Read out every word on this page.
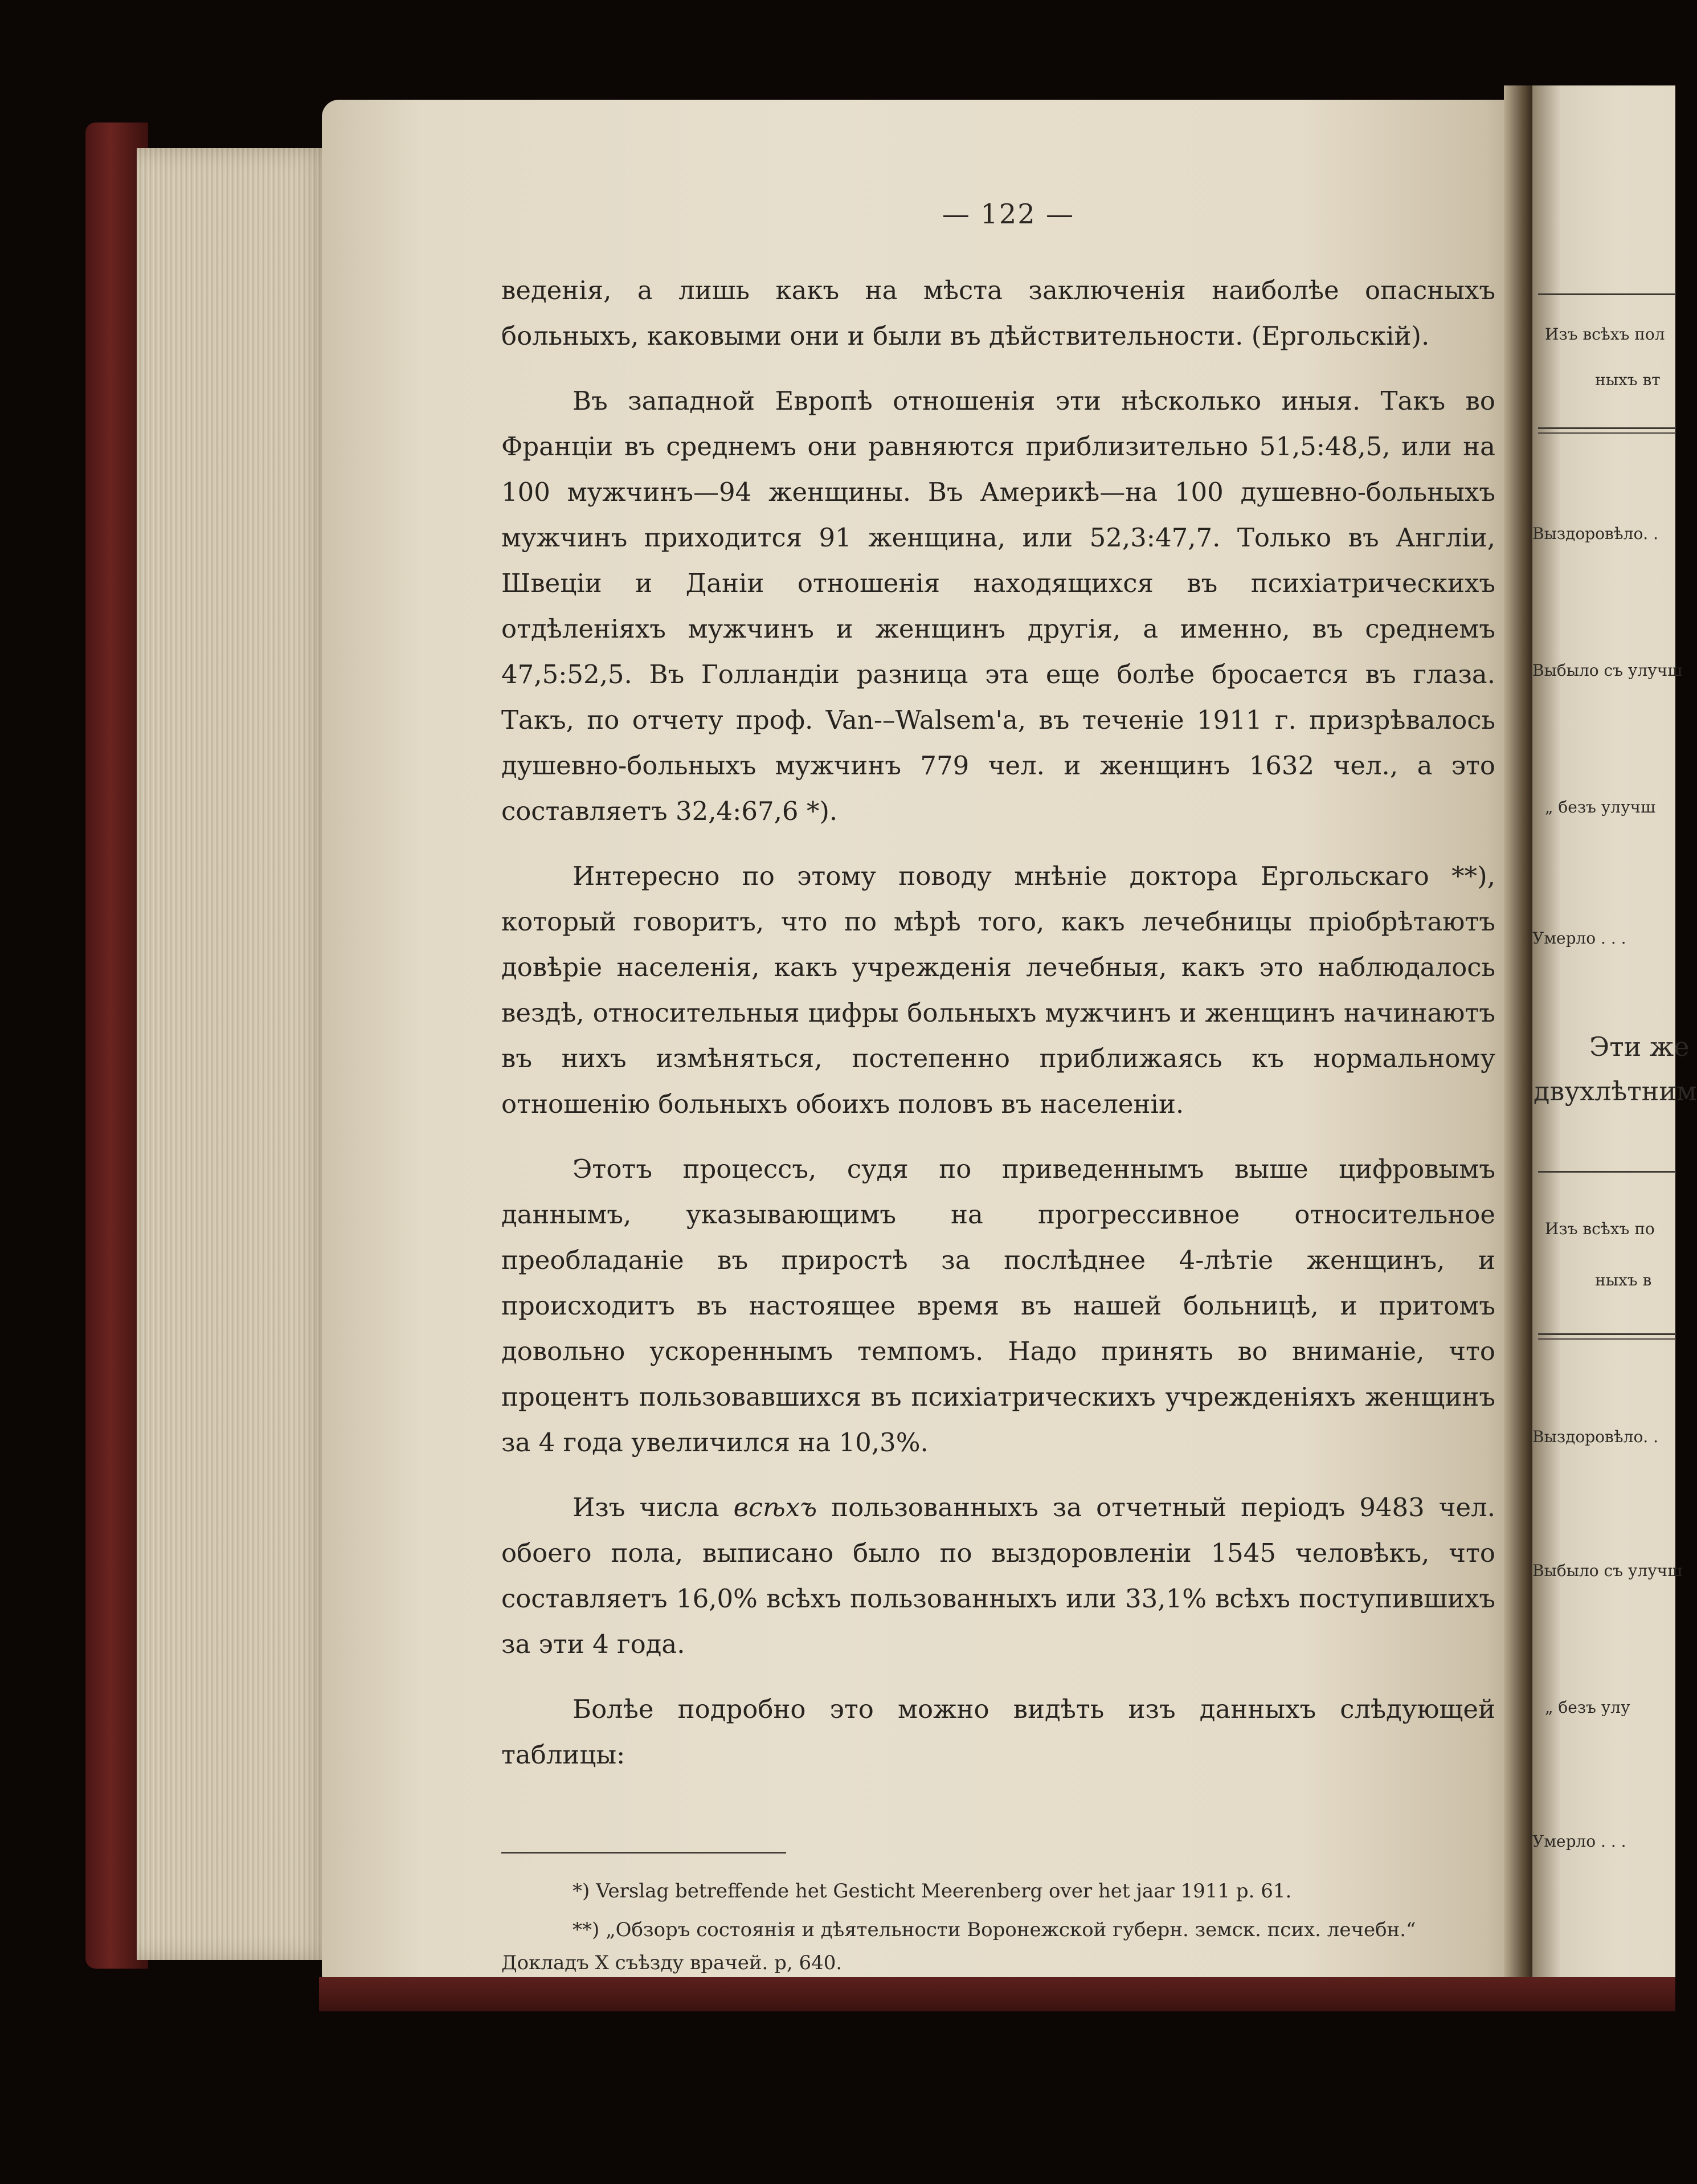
— 122 —

веденія, а лишь какъ на мѣста заключенія наиболѣе опасныхъ больныхъ, каковыми они и были въ дѣйствительности. (Ергольскій).

Въ западной Европѣ отношенія эти нѣсколько иныя. Такъ во Франціи въ среднемъ они равняются приблизительно 51,5:48,5, или на 100 мужчинъ—94 женщины. Въ Америкѣ—на 100 душевно-больныхъ мужчинъ приходится 91 женщина, или 52,3:47,7. Только въ Англіи, Швеціи и Даніи отношенія находящихся въ психіатрическихъ отдѣленіяхъ мужчинъ и женщинъ другія, а именно, въ среднемъ 47,5:52,5. Въ Голландіи разница эта еще болѣе бросается въ глаза. Такъ, по отчету проф. Van-–Walsem'a, въ теченіе 1911 г. призрѣвалось душевно-больныхъ мужчинъ 779 чел. и женщинъ 1632 чел., а это составляетъ 32,4:67,6 *).

Интересно по этому поводу мнѣніе доктора Ергольскаго **), который говоритъ, что по мѣрѣ того, какъ лечебницы пріобрѣтаютъ довѣріе населенія, какъ учрежденія лечебныя, какъ это наблюдалось вездѣ, относительныя цифры больныхъ мужчинъ и женщинъ начинаютъ въ нихъ измѣняться, постепенно приближаясь къ нормальному отношенію больныхъ обоихъ половъ въ населеніи.

Этотъ процессъ, судя по приведеннымъ выше цифровымъ даннымъ, указывающимъ на прогрессивное относительное преобладаніе въ приростѣ за послѣднее 4-лѣтіе женщинъ, и происходитъ въ настоящее время въ нашей больницѣ, и притомъ довольно ускореннымъ темпомъ. Надо принять во вниманіе, что процентъ пользовавшихся въ психіатрическихъ учрежденіяхъ женщинъ за 4 года увеличился на 10,3%.

Изъ числа всѣхъ пользованныхъ за отчетный періодъ 9483 чел. обоего пола, выписано было по выздоровленіи 1545 человѣкъ, что составляетъ 16,0% всѣхъ пользованныхъ или 33,1% всѣхъ поступившихъ за эти 4 года.

Болѣе подробно это можно видѣть изъ данныхъ слѣдующей таблицы:

*) Verslag betreffende het Gesticht Meerenberg over het jaar 1911 p. 61.

**) „Обзоръ состоянія и дѣятельности Воронежской губерн. земск. псих. лечебн.“ Докладъ X съѣзду врачей. р, 640.

Изъ всѣхъ пол
ныхъ вт
Выздоровѣло. .
Выбыло съ улучш
„ безъ улучш
Умерло . . .
Эти же
двухлѣтним
Изъ всѣхъ по
ныхъ в
Выздоровѣло. .
Выбыло съ улучш
„ безъ улу
Умерло . . .
